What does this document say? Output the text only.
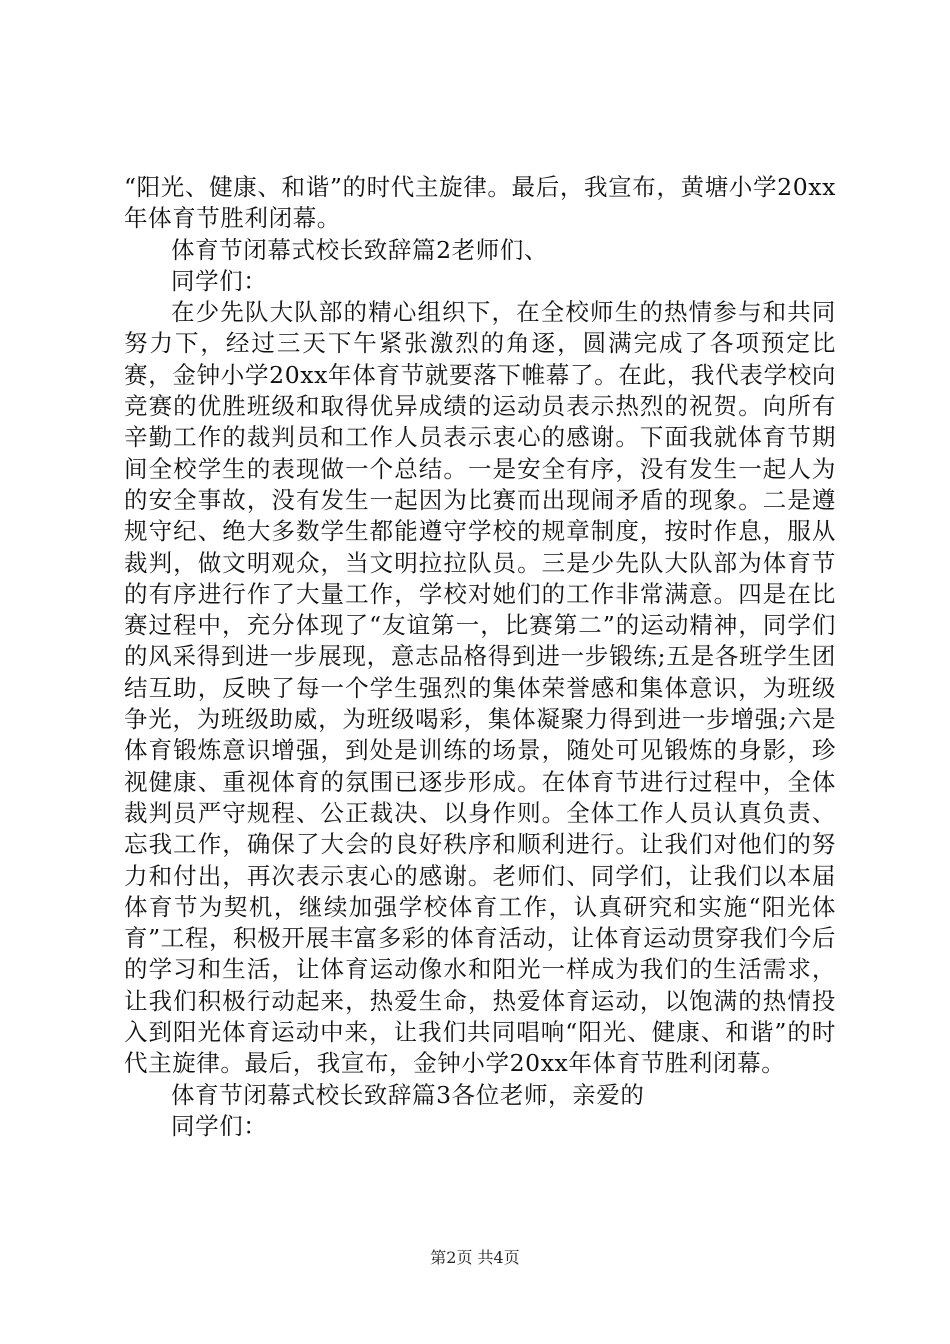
“阳光、健康、和谐”的时代主旋律。最后，我宣布，黄塘小学20xx年体育节胜利闭幕。

体育节闭幕式校长致辞篇2老师们、

同学们：

在少先队大队部的精心组织下，在全校师生的热情参与和共同努力下，经过三天下午紧张激烈的角逐，圆满完成了各项预定比赛，金钟小学20xx年体育节就要落下帷幕了。在此，我代表学校向竞赛的优胜班级和取得优异成绩的运动员表示热烈的祝贺。向所有辛勤工作的裁判员和工作人员表示衷心的感谢。下面我就体育节期间全校学生的表现做一个总结。一是安全有序，没有发生一起人为的安全事故，没有发生一起因为比赛而出现闹矛盾的现象。二是遵规守纪、绝大多数学生都能遵守学校的规章制度，按时作息，服从裁判，做文明观众，当文明拉拉队员。三是少先队大队部为体育节的有序进行作了大量工作，学校对她们的工作非常满意。四是在比赛过程中，充分体现了“友谊第一，比赛第二”的运动精神，同学们的风采得到进一步展现，意志品格得到进一步锻练;五是各班学生团结互助，反映了每一个学生强烈的集体荣誉感和集体意识，为班级争光，为班级助威，为班级喝彩，集体凝聚力得到进一步增强;六是体育锻炼意识增强，到处是训练的场景，随处可见锻炼的身影，珍视健康、重视体育的氛围已逐步形成。在体育节进行过程中，全体裁判员严守规程、公正裁决、以身作则。全体工作人员认真负责、忘我工作，确保了大会的良好秩序和顺利进行。让我们对他们的努力和付出，再次表示衷心的感谢。老师们、同学们，让我们以本届体育节为契机，继续加强学校体育工作，认真研究和实施“阳光体育”工程，积极开展丰富多彩的体育活动，让体育运动贯穿我们今后的学习和生活，让体育运动像水和阳光一样成为我们的生活需求，让我们积极行动起来，热爱生命，热爱体育运动，以饱满的热情投入到阳光体育运动中来，让我们共同唱响“阳光、健康、和谐”的时代主旋律。最后，我宣布，金钟小学20xx年体育节胜利闭幕。

体育节闭幕式校长致辞篇3各位老师，亲爱的

同学们：

第2页 共4页
